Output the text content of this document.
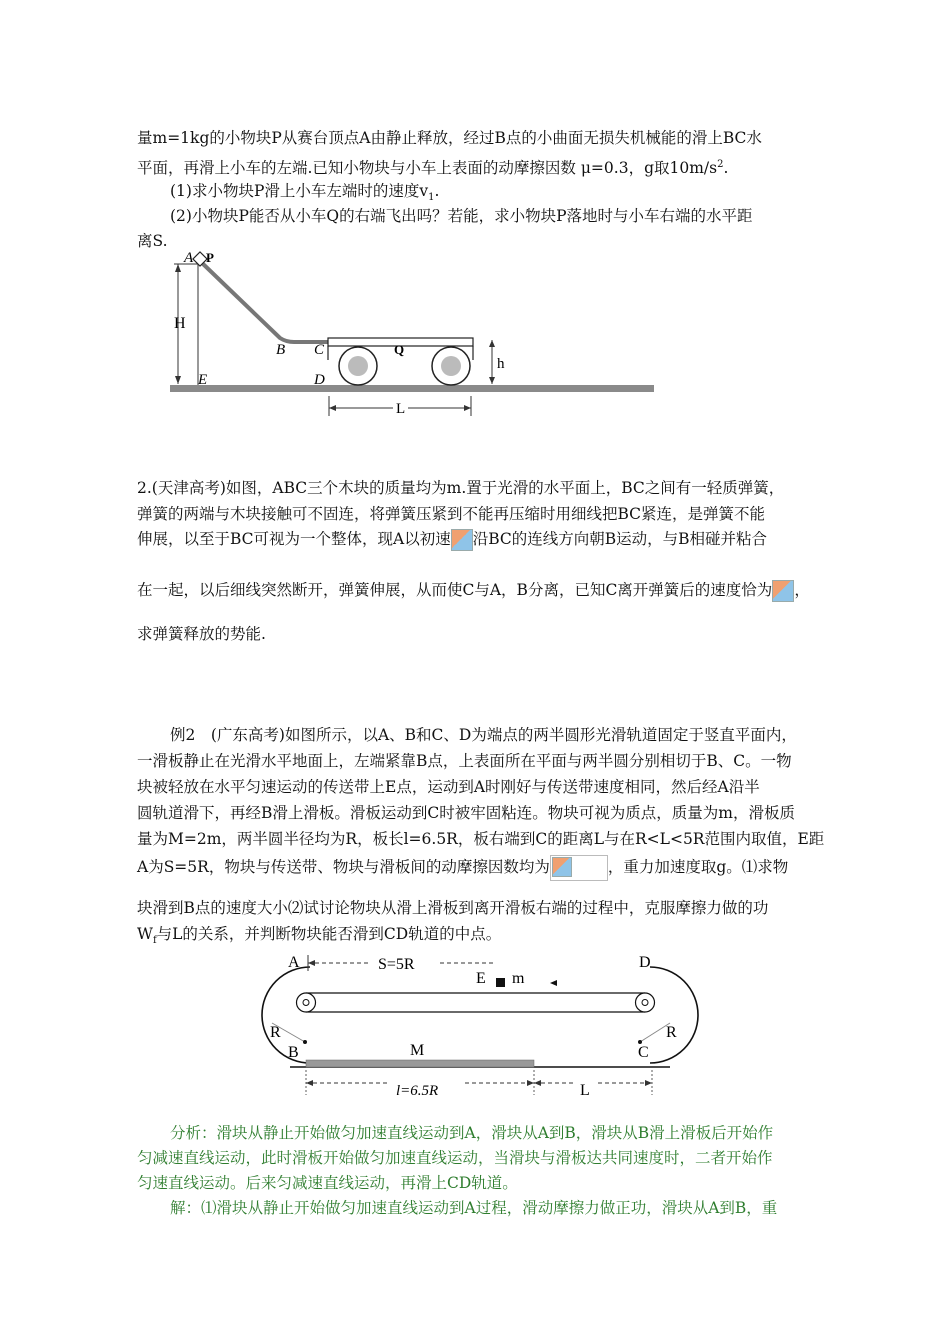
量m=1kg的小物块P从赛台顶点A由静止释放，经过B点的小曲面无损失机械能的滑上BC水
平面，再滑上小车的左端.已知小物块与小车上表面的动摩擦因数 μ=0.3，g取$10m/s^2$.
(1)求小物块P滑上小车左端时的速度$v_1$.
(2)小物块P能否从小车Q的右端飞出吗？若能，求小物块P落地时与小车右端的水平距
离S.
A P
H
B C	Q
h
E	D
L
2.(天津高考)如图，ABC三个木块的质量均为m.置于光滑的水平面上，BC之间有一轻质弹簧，
弹簧的两端与木块接触可不固连，将弹簧压紧到不能再压缩时用细线把BC紧连，是弹簧不能
伸展，以至于BC可视为一个整体，现A以初速 沿BC的连线方向朝B运动，与B相碰并粘合
在一起，以后细线突然断开，弹簧伸展，从而使C与A，B分离，已知C离开弹簧后的速度恰为 ，
求弹簧释放的势能.
例2　(广东高考)如图所示，以A、B和C、D为端点的两半圆形光滑轨道固定于竖直平面内，
一滑板静止在光滑水平地面上，左端紧靠B点，上表面所在平面与两半圆分别相切于B、C。一物
块被轻放在水平匀速运动的传送带上E点，运动到A时刚好与传送带速度相同，然后经A沿半
圆轨道滑下，再经B滑上滑板。滑板运动到C时被牢固粘连。物块可视为质点，质量为m，滑板质
量为M=2m，两半圆半径均为R，板长l=6.5R，板右端到C的距离L与在R<L<5R范围内取值，E距
A为S=5R，物块与传送带、物块与滑板间的动摩擦因数均为	，重力加速度取g。⑴求物
块滑到B点的速度大小⑵试讨论物块从滑上滑板到离开滑板右端的过程中，克服摩擦力做的功
$W_f$与L的关系，并判断物块能否滑到CD轨道的中点。
A	D
S=5R
E m
R	R
B	M	C
l=6.5R	L
分析：滑块从静止开始做匀加速直线运动到A，滑块从A到B，滑块从B滑上滑板后开始作
匀减速直线运动，此时滑板开始做匀加速直线运动，当滑块与滑板达共同速度时，二者开始作
匀速直线运动。后来匀减速直线运动，再滑上CD轨道。
解：⑴滑块从静止开始做匀加速直线运动到A过程，滑动摩擦力做正功，滑块从A到B，重
